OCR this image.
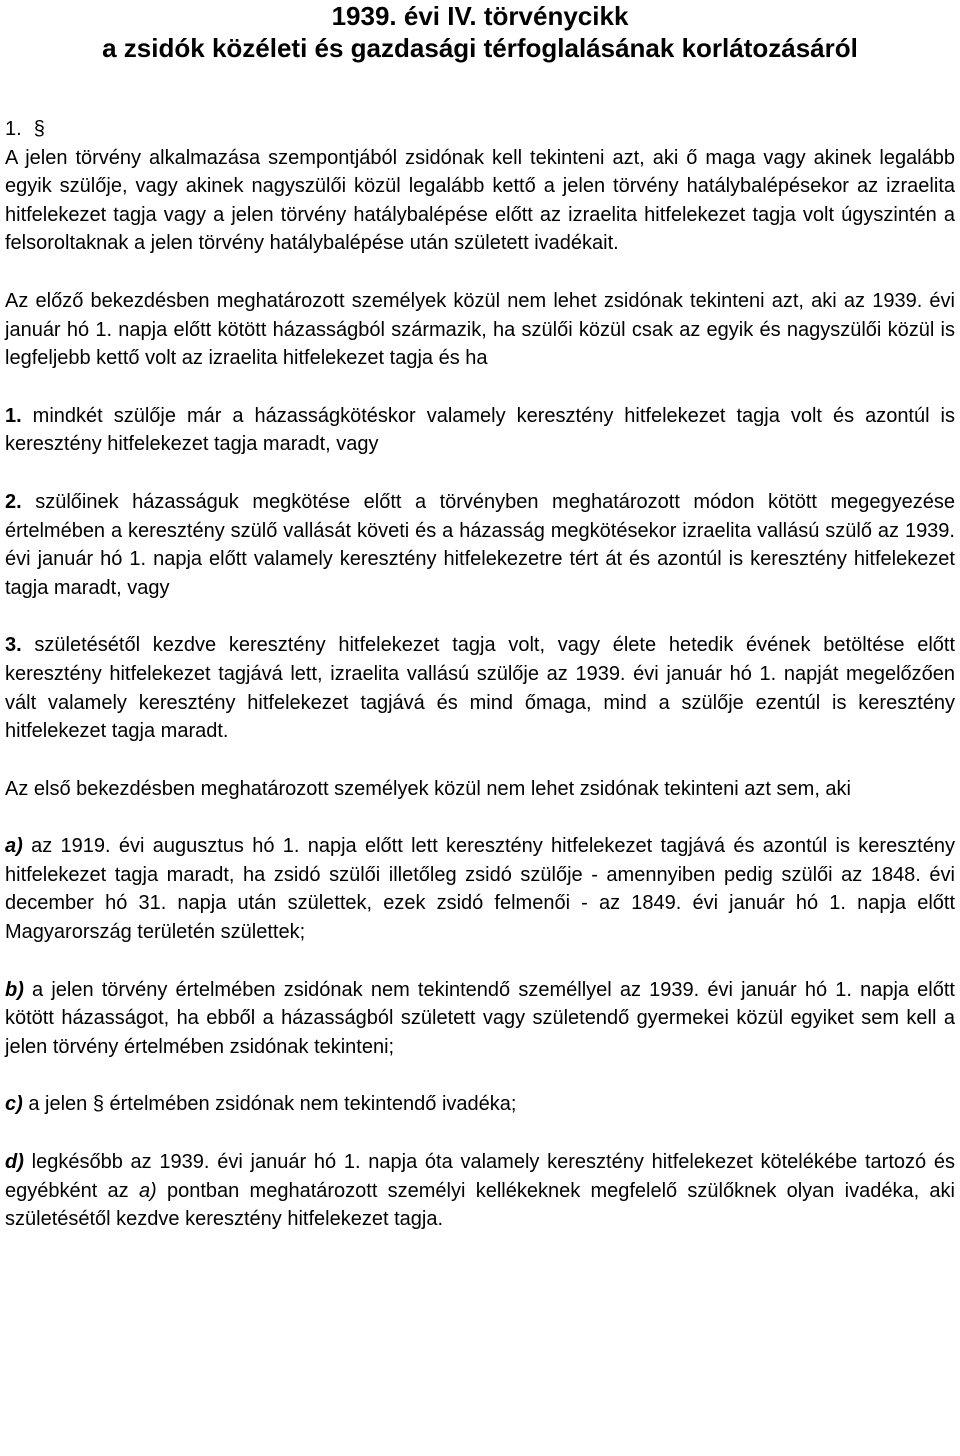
1939. évi IV. törvénycikk
a zsidók közéleti és gazdasági térfoglalásának korlátozásáról
1. §

A jelen törvény alkalmazása szempontjából zsidónak kell tekinteni azt, aki ő maga vagy akinek legalább egyik szülője, vagy akinek nagyszülői közül legalább kettő a jelen törvény hatálybalépésekor az izraelita hitfelekezet tagja vagy a jelen törvény hatálybalépése előtt az izraelita hitfelekezet tagja volt úgyszintén a felsoroltaknak a jelen törvény hatálybalépése után született ivadékait.

Az előző bekezdésben meghatározott személyek közül nem lehet zsidónak tekinteni azt, aki az 1939. évi január hó 1. napja előtt kötött házasságból származik, ha szülői közül csak az egyik és nagyszülői közül is legfeljebb kettő volt az izraelita hitfelekezet tagja és ha

1. mindkét szülője már a házasságkötéskor valamely keresztény hitfelekezet tagja volt és azontúl is keresztény hitfelekezet tagja maradt, vagy

2. szülőinek házasságuk megkötése előtt a törvényben meghatározott módon kötött megegyezése értelmében a keresztény szülő vallását követi és a házasság megkötésekor izraelita vallású szülő az 1939. évi január hó 1. napja előtt valamely keresztény hitfelekezetre tért át és azontúl is keresztény hitfelekezet tagja maradt, vagy

3. születésétől kezdve keresztény hitfelekezet tagja volt, vagy élete hetedik évének betöltése előtt keresztény hitfelekezet tagjává lett, izraelita vallású szülője az 1939. évi január hó 1. napját megelőzően vált valamely keresztény hitfelekezet tagjává és mind őmaga, mind a szülője ezentúl is keresztény hitfelekezet tagja maradt.

Az első bekezdésben meghatározott személyek közül nem lehet zsidónak tekinteni azt sem, aki

a) az 1919. évi augusztus hó 1. napja előtt lett keresztény hitfelekezet tagjává és azontúl is keresztény hitfelekezet tagja maradt, ha zsidó szülői illetőleg zsidó szülője - amennyiben pedig szülői az 1848. évi december hó 31. napja után születtek, ezek zsidó felmenői - az 1849. évi január hó 1. napja előtt Magyarország területén születtek;

b) a jelen törvény értelmében zsidónak nem tekintendő személlyel az 1939. évi január hó 1. napja előtt kötött házasságot, ha ebből a házasságból született vagy születendő gyermekei közül egyiket sem kell a jelen törvény értelmében zsidónak tekinteni;

c) a jelen § értelmében zsidónak nem tekintendő ivadéka;

d) legkésőbb az 1939. évi január hó 1. napja óta valamely keresztény hitfelekezet kötelékébe tartozó és egyébként az a) pontban meghatározott személyi kellékeknek megfelelő szülőknek olyan ivadéka, aki születésétől kezdve keresztény hitfelekezet tagja.
